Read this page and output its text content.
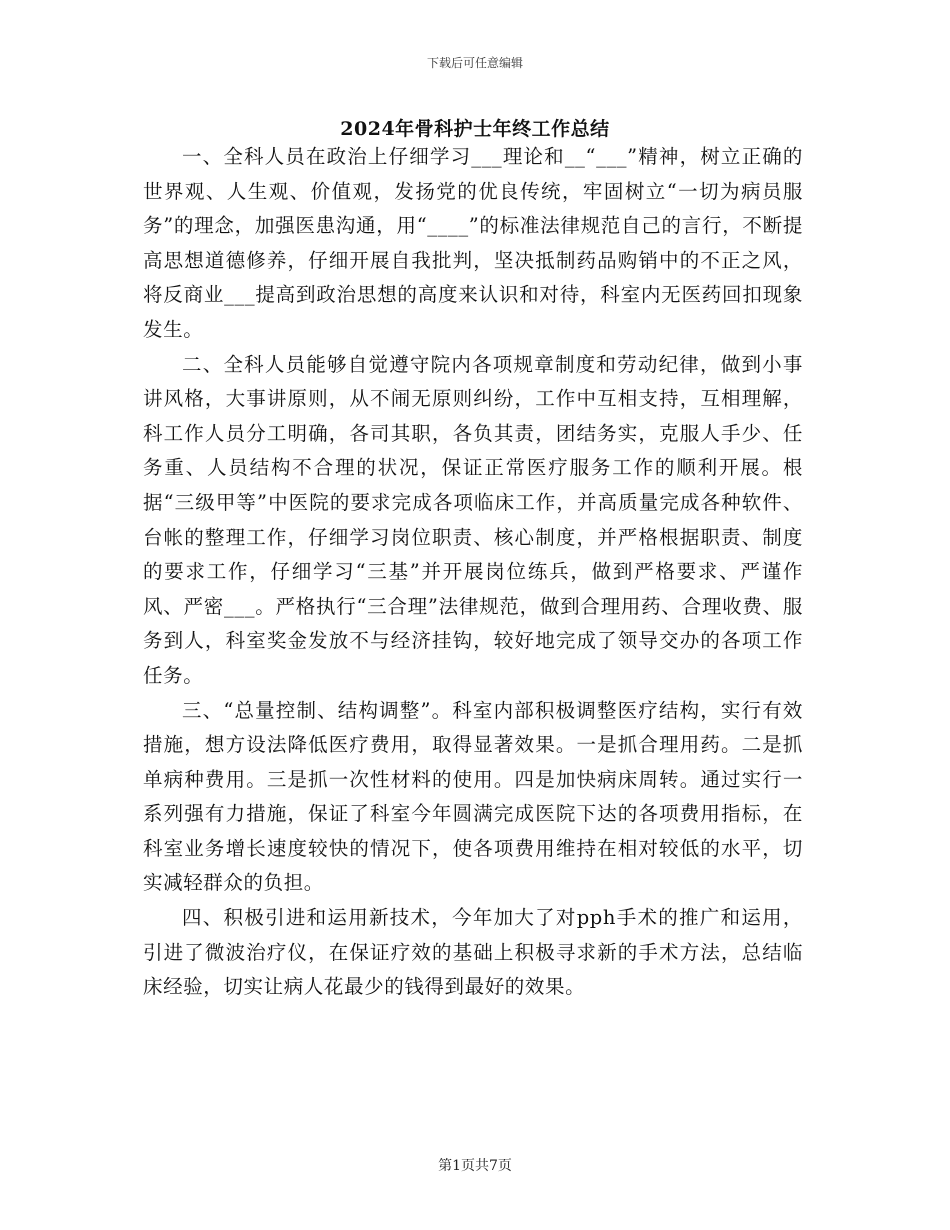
下载后可任意编辑
2024年骨科护士年终工作总结

一、全科人员在政治上仔细学习___理论和__“___”精神，树立正确的世界观、人生观、价值观，发扬党的优良传统，牢固树立“一切为病员服务”的理念，加强医患沟通，用“____”的标准法律规范自己的言行，不断提高思想道德修养，仔细开展自我批判，坚决抵制药品购销中的不正之风，将反商业___提高到政治思想的高度来认识和对待，科室内无医药回扣现象发生。

二、全科人员能够自觉遵守院内各项规章制度和劳动纪律，做到小事讲风格，大事讲原则，从不闹无原则纠纷，工作中互相支持，互相理解，科工作人员分工明确，各司其职，各负其责，团结务实，克服人手少、任务重、人员结构不合理的状况，保证正常医疗服务工作的顺利开展。根据“三级甲等”中医院的要求完成各项临床工作，并高质量完成各种软件、台帐的整理工作，仔细学习岗位职责、核心制度，并严格根据职责、制度的要求工作，仔细学习“三基”并开展岗位练兵，做到严格要求、严谨作风、严密___。严格执行“三合理”法律规范，做到合理用药、合理收费、服务到人，科室奖金发放不与经济挂钩，较好地完成了领导交办的各项工作任务。

三、“总量控制、结构调整”。科室内部积极调整医疗结构，实行有效措施，想方设法降低医疗费用，取得显著效果。一是抓合理用药。二是抓单病种费用。三是抓一次性材料的使用。四是加快病床周转。通过实行一系列强有力措施，保证了科室今年圆满完成医院下达的各项费用指标，在科室业务增长速度较快的情况下，使各项费用维持在相对较低的水平，切实减轻群众的负担。

四、积极引进和运用新技术，今年加大了对pph手术的推广和运用，引进了微波治疗仪，在保证疗效的基础上积极寻求新的手术方法，总结临床经验，切实让病人花最少的钱得到最好的效果。

第1页共7页
